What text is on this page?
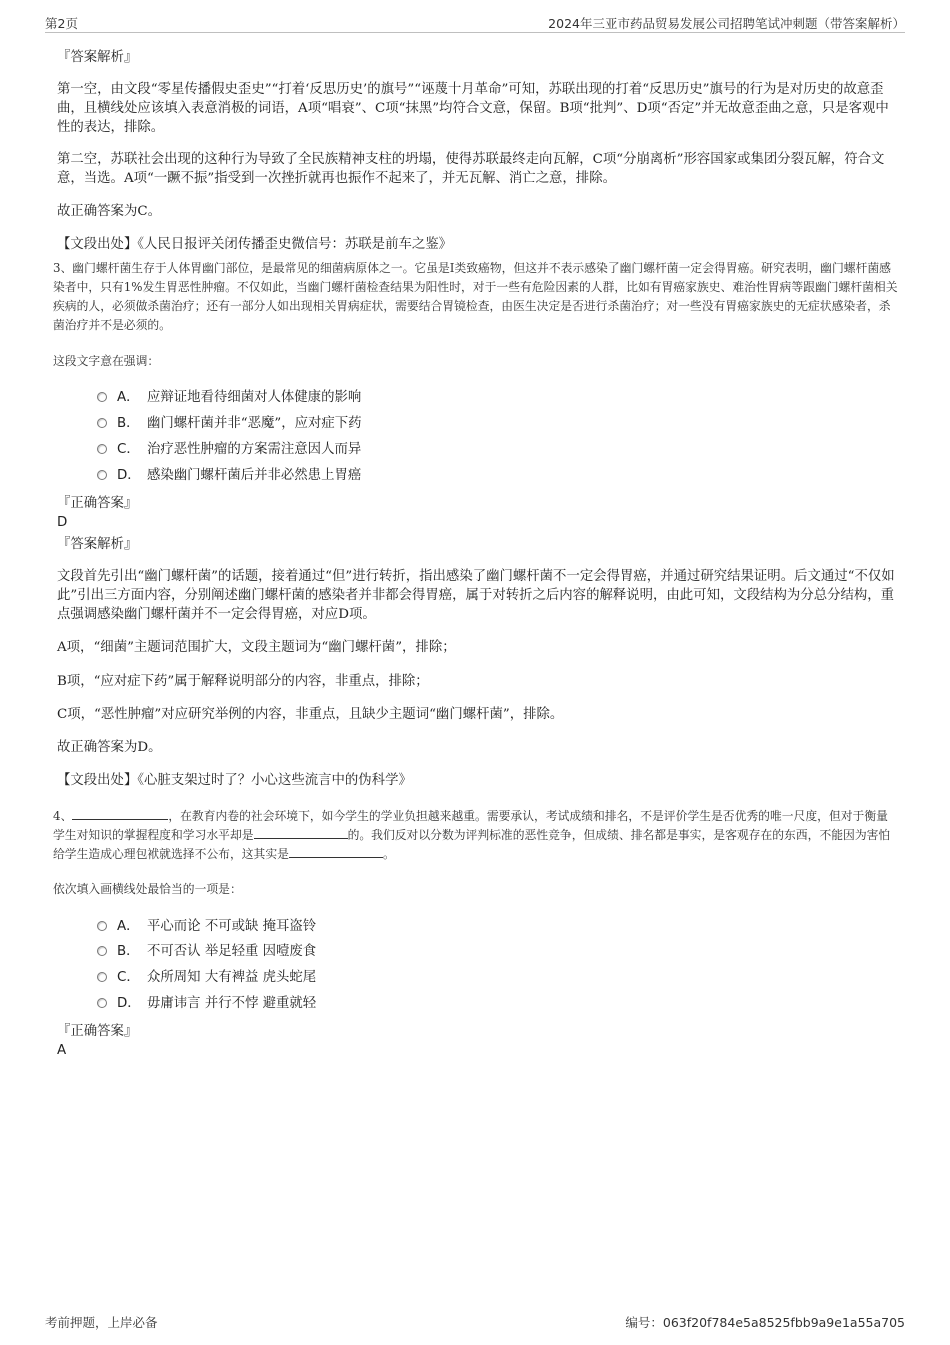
第2页	2024年三亚市药品贸易发展公司招聘笔试冲刺题（带答案解析）
『答案解析』
第一空，由文段“零星传播假史歪史”“打着‘反思历史’的旗号”“诬蔑十月革命”可知，苏联出现的打着“反思历史”旗号的行为是对历史的故意歪曲，且横线处应该填入表意消极的词语，A项“唱衰”、C项“抹黑”均符合文意，保留。B项“批判”、D项“否定”并无故意歪曲之意，只是客观中性的表达，排除。
第二空，苏联社会出现的这种行为导致了全民族精神支柱的坍塌，使得苏联最终走向瓦解，C项“分崩离析”形容国家或集团分裂瓦解，符合文意，当选。A项“一蹶不振”指受到一次挫折就再也振作不起来了，并无瓦解、消亡之意，排除。
故正确答案为C。
【文段出处】《人民日报评关闭传播歪史微信号：苏联是前车之鉴》
3、幽门螺杆菌生存于人体胃幽门部位，是最常见的细菌病原体之一。它虽是I类致癌物，但这并不表示感染了幽门螺杆菌一定会得胃癌。研究表明，幽门螺杆菌感染者中，只有1%发生胃恶性肿瘤。不仅如此，当幽门螺杆菌检查结果为阳性时，对于一些有危险因素的人群，比如有胃癌家族史、难治性胃病等跟幽门螺杆菌相关疾病的人，必须做杀菌治疗；还有一部分人如出现相关胃病症状，需要结合胃镜检查，由医生决定是否进行杀菌治疗；对一些没有胃癌家族史的无症状感染者，杀菌治疗并不是必须的。
这段文字意在强调：
A． 应辩证地看待细菌对人体健康的影响
B． 幽门螺杆菌并非“恶魔”，应对症下药
C． 治疗恶性肿瘤的方案需注意因人而异
D． 感染幽门螺杆菌后并非必然患上胃癌
『正确答案』
D
『答案解析』
文段首先引出“幽门螺杆菌”的话题，接着通过“但”进行转折，指出感染了幽门螺杆菌不一定会得胃癌，并通过研究结果证明。后文通过“不仅如此”引出三方面内容，分别阐述幽门螺杆菌的感染者并非都会得胃癌，属于对转折之后内容的解释说明，由此可知，文段结构为分总分结构，重点强调感染幽门螺杆菌并不一定会得胃癌，对应D项。
A项，“细菌”主题词范围扩大，文段主题词为“幽门螺杆菌”，排除；
B项，“应对症下药”属于解释说明部分的内容，非重点，排除；
C项，“恶性肿瘤”对应研究举例的内容，非重点，且缺少主题词“幽门螺杆菌”，排除。
故正确答案为D。
【文段出处】《心脏支架过时了？小心这些流言中的伪科学》
4、	，在教育内卷的社会环境下，如今学生的学业负担越来越重。需要承认，考试成绩和排名，不是评价学生是否优秀的唯一尺度，但对于衡量学生对知识的掌握程度和学习水平却是	的。我们反对以分数为评判标准的恶性竞争，但成绩、排名都是事实，是客观存在的东西，不能因为害怕给学生造成心理包袱就选择不公布，这其实是	。
依次填入画横线处最恰当的一项是：
A． 平心而论 不可或缺 掩耳盗铃
B． 不可否认 举足轻重 因噎废食
C． 众所周知 大有裨益 虎头蛇尾
D． 毋庸讳言 并行不悖 避重就轻
『正确答案』
A
考前押题，上岸必备	编号：063f20f784e5a8525fbb9a9e1a55a705
